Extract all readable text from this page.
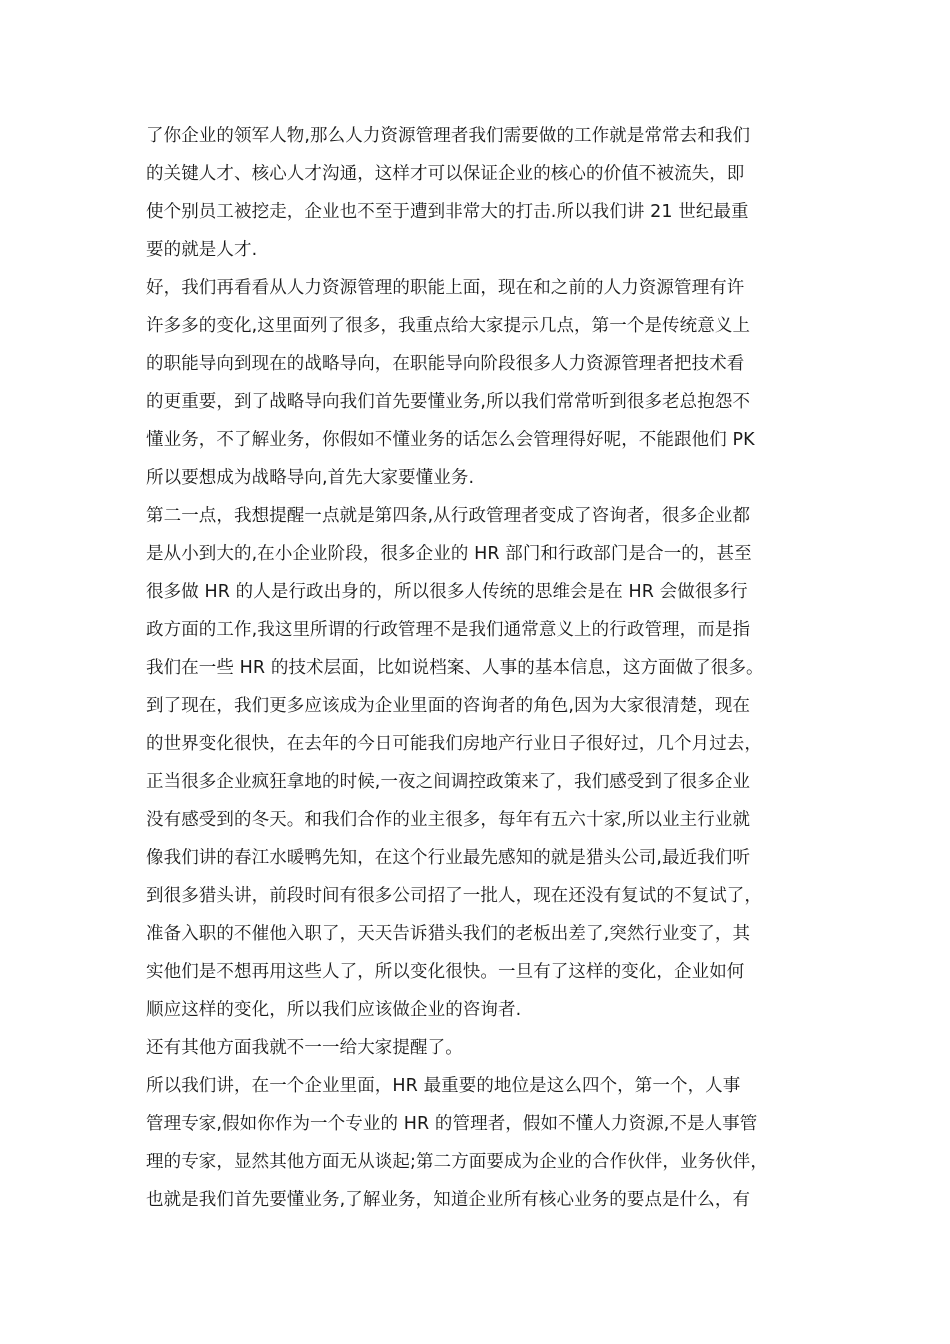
了你企业的领军人物,那么人力资源管理者我们需要做的工作就是常常去和我们
的关键人才、核心人才沟通，这样才可以保证企业的核心的价值不被流失，即
使个别员工被挖走，企业也不至于遭到非常大的打击.所以我们讲 21 世纪最重
要的就是人才.
好，我们再看看从人力资源管理的职能上面，现在和之前的人力资源管理有许
许多多的变化,这里面列了很多，我重点给大家提示几点，第一个是传统意义上
的职能导向到现在的战略导向，在职能导向阶段很多人力资源管理者把技术看
的更重要，到了战略导向我们首先要懂业务,所以我们常常听到很多老总抱怨不
懂业务，不了解业务，你假如不懂业务的话怎么会管理得好呢，不能跟他们 PK
所以要想成为战略导向,首先大家要懂业务.
第二一点，我想提醒一点就是第四条,从行政管理者变成了咨询者，很多企业都
是从小到大的,在小企业阶段，很多企业的 HR 部门和行政部门是合一的，甚至
很多做 HR 的人是行政出身的，所以很多人传统的思维会是在 HR 会做很多行
政方面的工作,我这里所谓的行政管理不是我们通常意义上的行政管理，而是指
我们在一些 HR 的技术层面，比如说档案、人事的基本信息，这方面做了很多。
到了现在，我们更多应该成为企业里面的咨询者的角色,因为大家很清楚，现在
的世界变化很快，在去年的今日可能我们房地产行业日子很好过，几个月过去，
正当很多企业疯狂拿地的时候,一夜之间调控政策来了，我们感受到了很多企业
没有感受到的冬天。和我们合作的业主很多，每年有五六十家,所以业主行业就
像我们讲的春江水暖鸭先知，在这个行业最先感知的就是猎头公司,最近我们听
到很多猎头讲，前段时间有很多公司招了一批人，现在还没有复试的不复试了，
准备入职的不催他入职了，天天告诉猎头我们的老板出差了,突然行业变了，其
实他们是不想再用这些人了，所以变化很快。一旦有了这样的变化，企业如何
顺应这样的变化，所以我们应该做企业的咨询者.
还有其他方面我就不一一给大家提醒了。
所以我们讲，在一个企业里面，HR 最重要的地位是这么四个，第一个，人事
管理专家,假如你作为一个专业的 HR 的管理者，假如不懂人力资源,不是人事管
理的专家，显然其他方面无从谈起;第二方面要成为企业的合作伙伴，业务伙伴，
也就是我们首先要懂业务,了解业务，知道企业所有核心业务的要点是什么，有
